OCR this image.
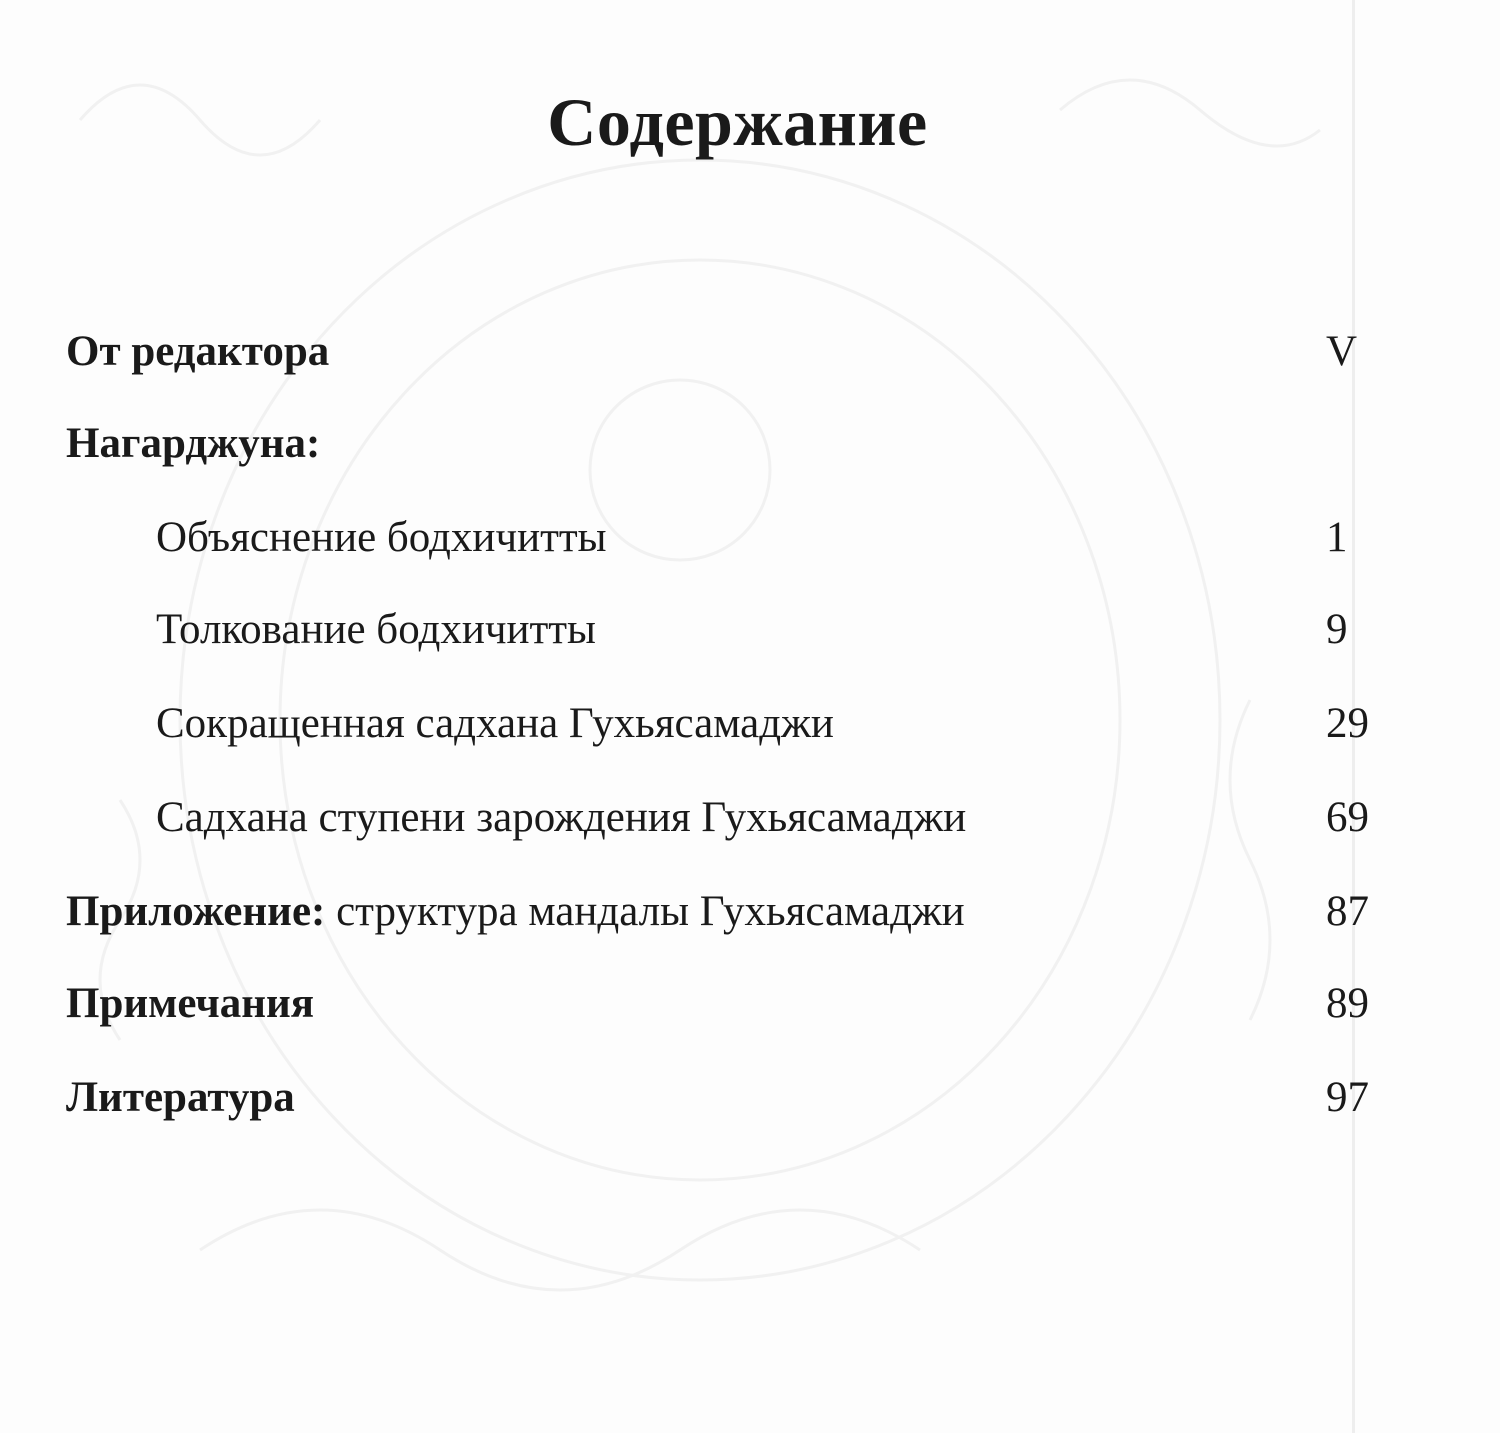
Содержание
От редактора	V
Нагарджуна:
Объяснение бодхичитты	1
Толкование бодхичитты	9
Сокращенная садхана Гухьясамаджи	29
Садхана ступени зарождения Гухьясамаджи	69
Приложение: структура мандалы Гухьясамаджи	87
Примечания	89
Литература	97
